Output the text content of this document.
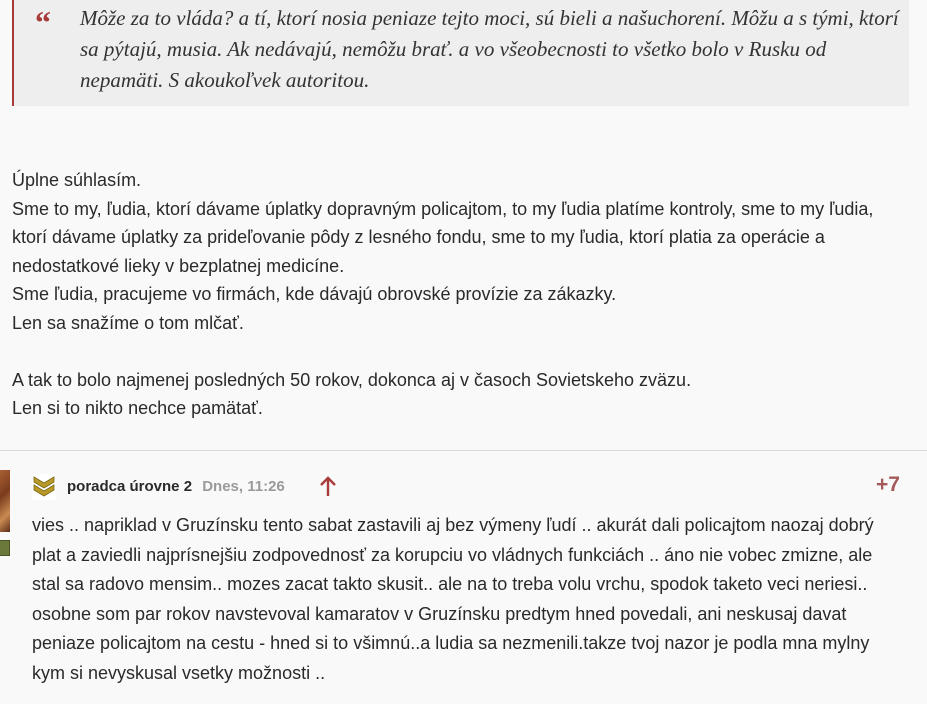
“ Môže za to vláda? a tí, ktorí nosia peniaze tejto moci, sú bieli a našuchorení. Môžu a s tými, ktorí sa pýtajú, musia. Ak nedávajú, nemôžu brať. a vo všeobecnosti to všetko bolo v Rusku od nepamäti. S akoukoľvek autoritou.

Úplne súhlasím.

Sme to my, ľudia, ktorí dávame úplatky dopravným policajtom, to my ľudia platíme kontroly, sme to my ľudia, ktorí dávame úplatky za prideľovanie pôdy z lesného fondu, sme to my ľudia, ktorí platia za operácie a nedostatkové lieky v bezplatnej medicíne.

Sme ľudia, pracujeme vo firmách, kde dávajú obrovské provízie za zákazky.

Len sa snažíme o tom mlčať.

A tak to bolo najmenej posledných 50 rokov, dokonca aj v časoch Sovietskeho zväzu.

Len si to nikto nechce pamätať.

poradca úrovne 2 Dnes, 11:26	+7

vies .. napriklad v Gruzínsku tento sabat zastavili aj bez výmeny ľudí .. akurát dali policajtom naozaj dobrý plat a zaviedli najprísnejšiu zodpovednosť za korupciu vo vládnych funkciách .. áno nie vobec zmizne, ale stal sa radovo mensim.. mozes zacat takto skusit.. ale na to treba volu vrchu, spodok taketo veci neriesi.. osobne som par rokov navstevoval kamaratov v Gruzínsku predtym hned povedali, ani neskusaj davat peniaze policajtom na cestu - hned si to všimnú..a ludia sa nezmenili.takze tvoj nazor je podla mna mylny kym si nevyskusal vsetky možnosti ..
